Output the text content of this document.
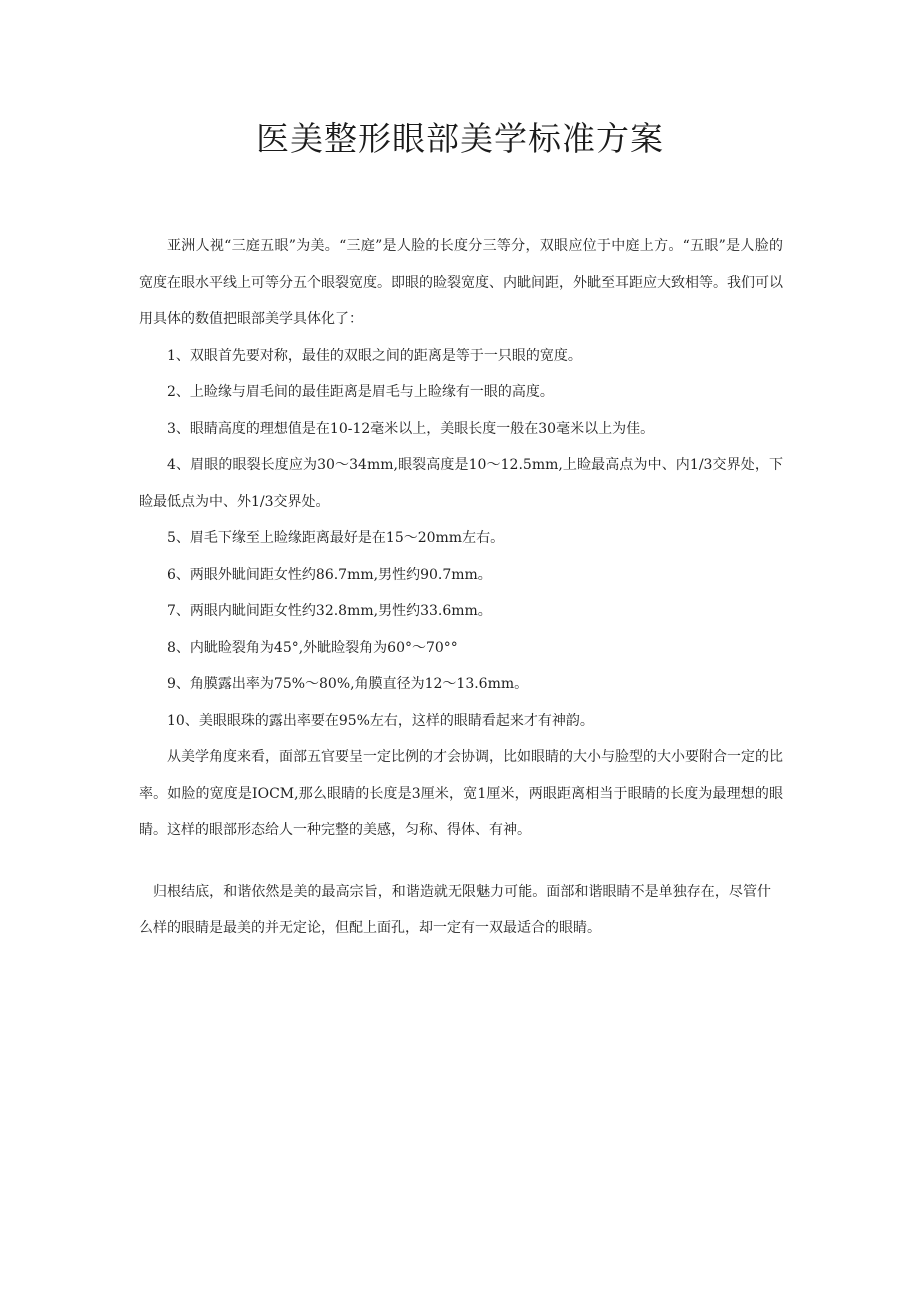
医美整形眼部美学标准方案

亚洲人视“三庭五眼”为美。“三庭”是人脸的长度分三等分，双眼应位于中庭上方。“五眼”是人脸的宽度在眼水平线上可等分五个眼裂宽度。即眼的睑裂宽度、内眦间距，外眦至耳距应大致相等。我们可以用具体的数值把眼部美学具体化了：

1、双眼首先要对称，最佳的双眼之间的距离是等于一只眼的宽度。

2、上睑缘与眉毛间的最佳距离是眉毛与上睑缘有一眼的高度。

3、眼睛高度的理想值是在10-12毫米以上，美眼长度一般在30毫米以上为佳。

4、眉眼的眼裂长度应为30～34mm,眼裂高度是10～12.5mm,上睑最高点为中、内1/3交界处，下睑最低点为中、外1/3交界处。

5、眉毛下缘至上睑缘距离最好是在15～20mm左右。

6、两眼外眦间距女性约86.7mm,男性约90.7mm。

7、两眼内眦间距女性约32.8mm,男性约33.6mm。

8、内眦睑裂角为45°,外眦睑裂角为60°～70°°

9、角膜露出率为75%～80%,角膜直径为12～13.6mm。

10、美眼眼珠的露出率要在95%左右，这样的眼睛看起来才有神韵。

从美学角度来看，面部五官要呈一定比例的才会协调，比如眼睛的大小与脸型的大小要附合一定的比率。如脸的宽度是IOCM,那么眼睛的长度是3厘米，宽1厘米，两眼距离相当于眼睛的长度为最理想的眼睛。这样的眼部形态给人一种完整的美感，匀称、得体、有神。

归根结底，和谐依然是美的最高宗旨，和谐造就无限魅力可能。面部和谐眼睛不是单独存在，尽管什么样的眼睛是最美的并无定论，但配上面孔，却一定有一双最适合的眼睛。
